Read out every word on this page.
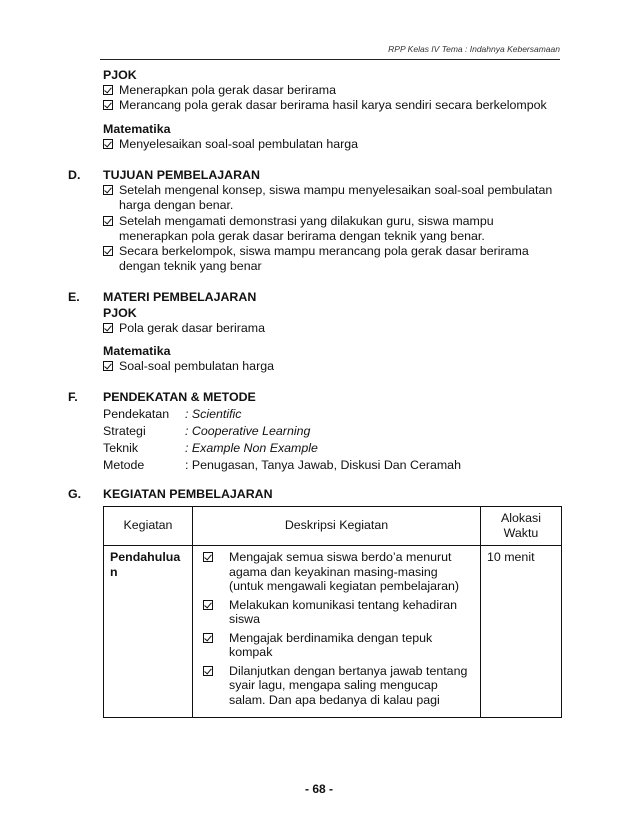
RPP Kelas IV Tema : Indahnya Kebersamaan
PJOK
Menerapkan pola gerak dasar berirama
Merancang pola gerak dasar berirama hasil karya sendiri secara berkelompok
Matematika
Menyelesaikan soal-soal pembulatan harga
D.	TUJUAN PEMBELAJARAN
Setelah mengenal konsep, siswa mampu menyelesaikan soal-soal pembulatan harga dengan benar.
Setelah mengamati demonstrasi yang dilakukan guru, siswa mampu menerapkan pola gerak dasar berirama dengan teknik yang benar.
Secara berkelompok, siswa mampu merancang pola gerak dasar berirama dengan teknik yang benar
E.	MATERI PEMBELAJARAN
PJOK
Pola gerak dasar berirama
Matematika
Soal-soal pembulatan harga
F.	PENDEKATAN & METODE
Pendekatan	: Scientific
Strategi	: Cooperative Learning
Teknik	: Example Non Example
Metode	: Penugasan, Tanya Jawab, Diskusi Dan Ceramah
G.	KEGIATAN PEMBELAJARAN
Kegiatan	Deskripsi Kegiatan	Alokasi Waktu
Pendahulua n	Mengajak semua siswa berdo’a menurut agama dan keyakinan masing-masing (untuk mengawali kegiatan pembelajaran)
Melakukan komunikasi tentang kehadiran siswa
Mengajak berdinamika dengan tepuk kompak
Dilanjutkan dengan bertanya jawab tentang syair lagu, mengapa saling mengucap salam. Dan apa bedanya di kalau pagi	10 menit
- 68 -
